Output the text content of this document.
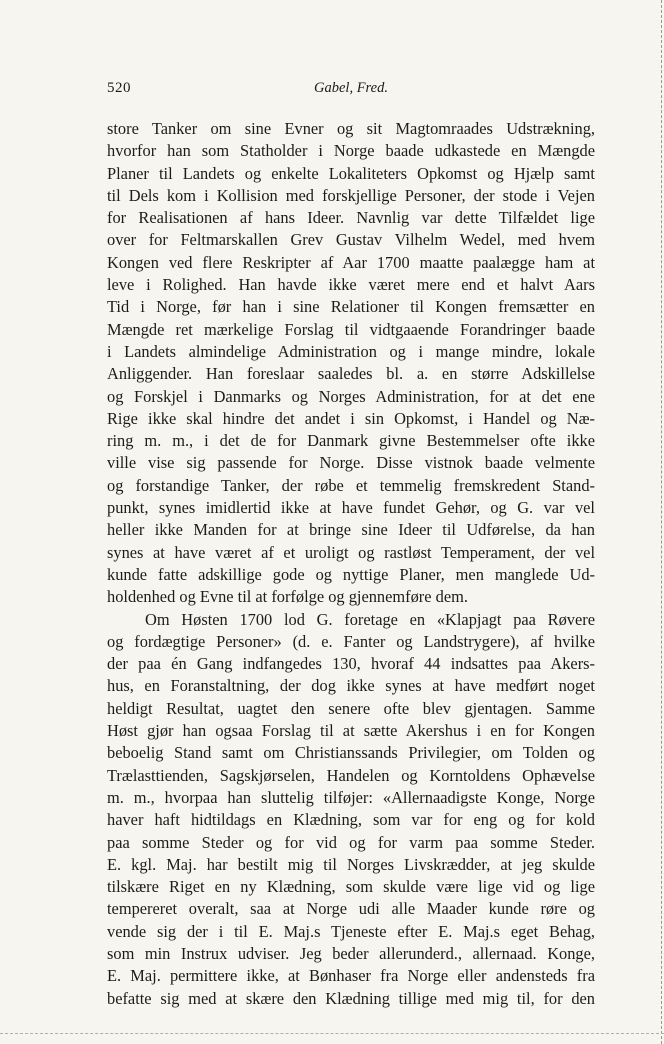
520	Gabel, Fred.
store Tanker om sine Evner og sit Magtomraades Udstrækning,
hvorfor han som Statholder i Norge baade udkastede en Mængde
Planer til Landets og enkelte Lokaliteters Opkomst og Hjælp samt
til Dels kom i Kollision med forskjellige Personer, der stode i Vejen
for Realisationen af hans Ideer. Navnlig var dette Tilfældet lige
over for Feltmarskallen Grev Gustav Vilhelm Wedel, med hvem
Kongen ved flere Reskripter af Aar 1700 maatte paalægge ham at
leve i Rolighed. Han havde ikke været mere end et halvt Aars
Tid i Norge, før han i sine Relationer til Kongen fremsætter en
Mængde ret mærkelige Forslag til vidtgaaende Forandringer baade
i Landets almindelige Administration og i mange mindre, lokale
Anliggender. Han foreslaar saaledes bl. a. en større Adskillelse
og Forskjel i Danmarks og Norges Administration, for at det ene
Rige ikke skal hindre det andet i sin Opkomst, i Handel og Næ-
ring m. m., i det de for Danmark givne Bestemmelser ofte ikke
ville vise sig passende for Norge. Disse vistnok baade velmente
og forstandige Tanker, der røbe et temmelig fremskredent Stand-
punkt, synes imidlertid ikke at have fundet Gehør, og G. var vel
heller ikke Manden for at bringe sine Ideer til Udførelse, da han
synes at have været af et uroligt og rastløst Temperament, der vel
kunde fatte adskillige gode og nyttige Planer, men manglede Ud-
holdenhed og Evne til at forfølge og gjennemføre dem.
Om Høsten 1700 lod G. foretage en «Klapjagt paa Røvere
og fordægtige Personer» (d. e. Fanter og Landstrygere), af hvilke
der paa én Gang indfangedes 130, hvoraf 44 indsattes paa Akers-
hus, en Foranstaltning, der dog ikke synes at have medført noget
heldigt Resultat, uagtet den senere ofte blev gjentagen. Samme
Høst gjør han ogsaa Forslag til at sætte Akershus i en for Kongen
beboelig Stand samt om Christianssands Privilegier, om Tolden og
Trælasttienden, Sagskjørselen, Handelen og Korntoldens Ophævelse
m. m., hvorpaa han sluttelig tilføjer: «Allernaadigste Konge, Norge
haver haft hidtildags en Klædning, som var for eng og for kold
paa somme Steder og for vid og for varm paa somme Steder.
E. kgl. Maj. har bestilt mig til Norges Livskrædder, at jeg skulde
tilskære Riget en ny Klædning, som skulde være lige vid og lige
tempereret overalt, saa at Norge udi alle Maader kunde røre og
vende sig der i til E. Maj.s Tjeneste efter E. Maj.s eget Behag,
som min Instrux udviser. Jeg beder allerunderd., allernaad. Konge,
E. Maj. permittere ikke, at Bønhaser fra Norge eller andensteds fra
befatte sig med at skære den Klædning tillige med mig til, for den
